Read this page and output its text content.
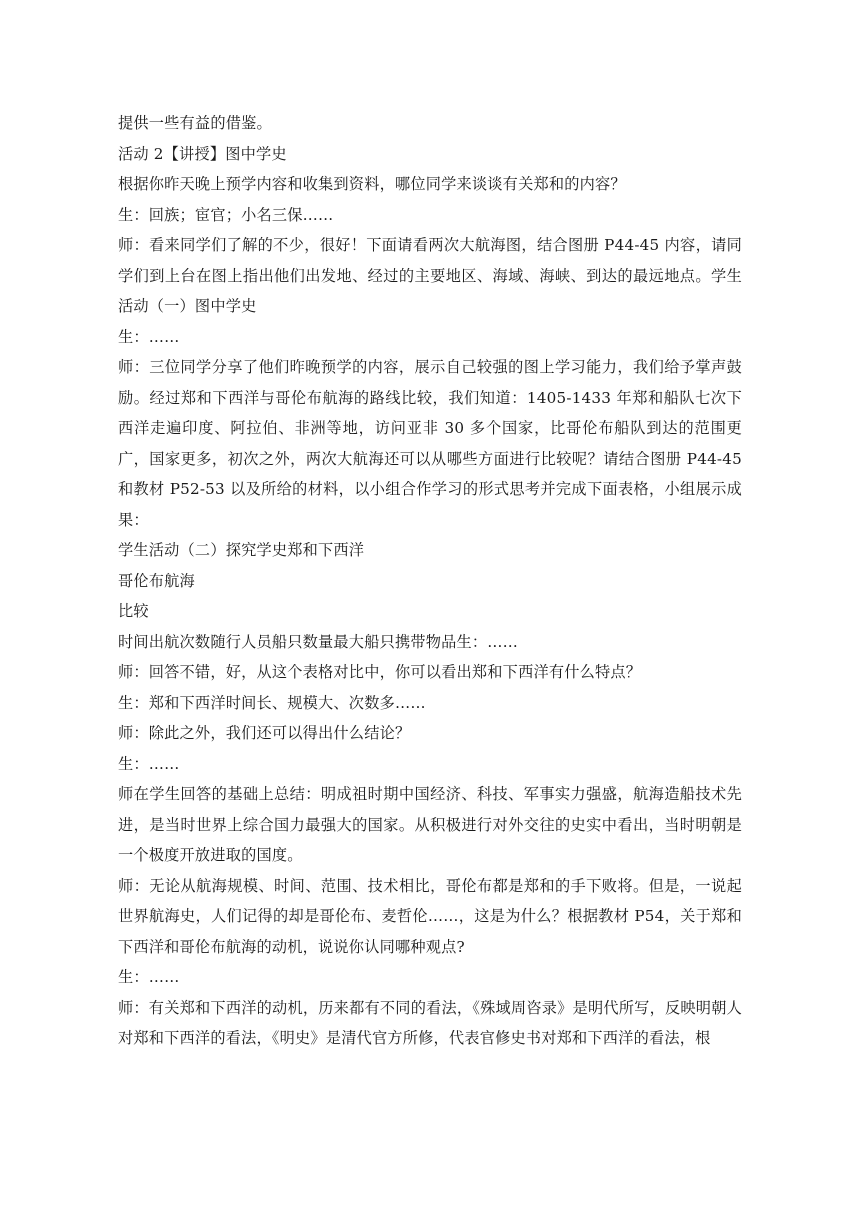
提供一些有益的借鉴。

活动 2【讲授】图中学史

根据你昨天晚上预学内容和收集到资料，哪位同学来谈谈有关郑和的内容？

生：回族；宦官；小名三保……

师：看来同学们了解的不少，很好！下面请看两次大航海图，结合图册 P44-45 内容，请同学们到上台在图上指出他们出发地、经过的主要地区、海域、海峡、到达的最远地点。学生活动（一）图中学史

生：……

师：三位同学分享了他们昨晚预学的内容，展示自己较强的图上学习能力，我们给予掌声鼓励。经过郑和下西洋与哥伦布航海的路线比较，我们知道：1405-1433 年郑和船队七次下西洋走遍印度、阿拉伯、非洲等地，访问亚非 30 多个国家，比哥伦布船队到达的范围更广，国家更多，初次之外，两次大航海还可以从哪些方面进行比较呢？请结合图册 P44-45 和教材 P52-53 以及所给的材料，以小组合作学习的形式思考并完成下面表格，小组展示成果：

学生活动（二）探究学史郑和下西洋

哥伦布航海

比较

时间出航次数随行人员船只数量最大船只携带物品生：……

师：回答不错，好，从这个表格对比中，你可以看出郑和下西洋有什么特点？

生：郑和下西洋时间长、规模大、次数多……

师：除此之外，我们还可以得出什么结论？

生：……

师在学生回答的基础上总结：明成祖时期中国经济、科技、军事实力强盛，航海造船技术先进，是当时世界上综合国力最强大的国家。从积极进行对外交往的史实中看出，当时明朝是一个极度开放进取的国度。

师：无论从航海规模、时间、范围、技术相比，哥伦布都是郑和的手下败将。但是，一说起世界航海史，人们记得的却是哥伦布、麦哲伦……，这是为什么？根据教材 P54，关于郑和下西洋和哥伦布航海的动机，说说你认同哪种观点?

生：……

师：有关郑和下西洋的动机，历来都有不同的看法，《殊域周咨录》是明代所写，反映明朝人对郑和下西洋的看法，《明史》是清代官方所修，代表官修史书对郑和下西洋的看法，根
